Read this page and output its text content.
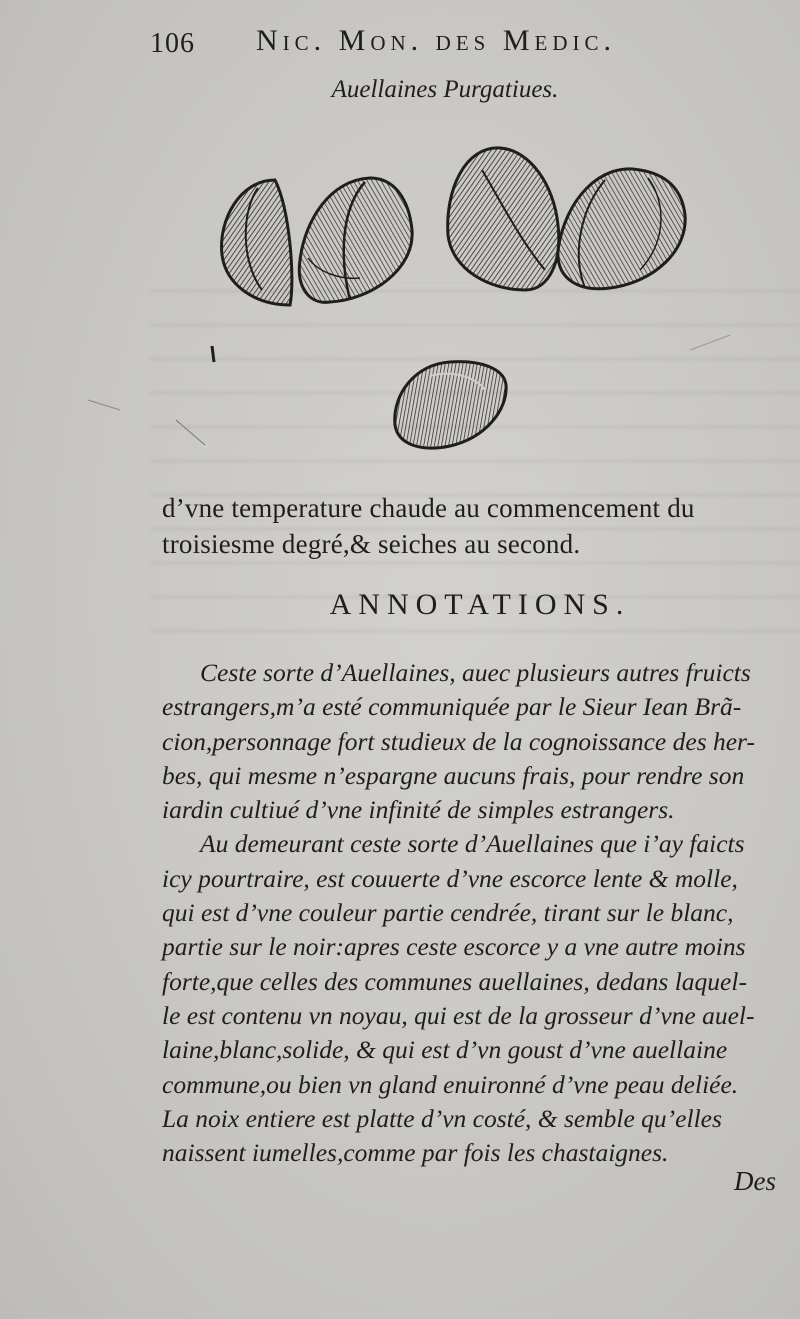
106 Nic. Mon. des Medic.
Auellaines Purgatiues.
d’vne temperature chaude au commencement du
troisiesme degré,& seiches au second.
ANNOTATIONS.
Ceste sorte d’Auellaines, auec plusieurs autres fruicts
estrangers,m’a esté communiquée par le Sieur Iean Brã-
cion,personnage fort studieux de la cognoissance des her-
bes, qui mesme n’espargne aucuns frais, pour rendre son
iardin cultiué d’vne infinité de simples estrangers.
Au demeurant ceste sorte d’Auellaines que i’ay faicts
icy pourtraire, est couuerte d’vne escorce lente & molle,
qui est d’vne couleur partie cendrée, tirant sur le blanc,
partie sur le noir:apres ceste escorce y a vne autre moins
forte,que celles des communes auellaines, dedans laquel-
le est contenu vn noyau, qui est de la grosseur d’vne auel-
laine,blanc,solide, & qui est d’vn goust d’vne auellaine
commune,ou bien vn gland enuironné d’vne peau deliée.
La noix entiere est platte d’vn costé, & semble qu’elles
naissent iumelles,comme par fois les chastaignes.
Des
